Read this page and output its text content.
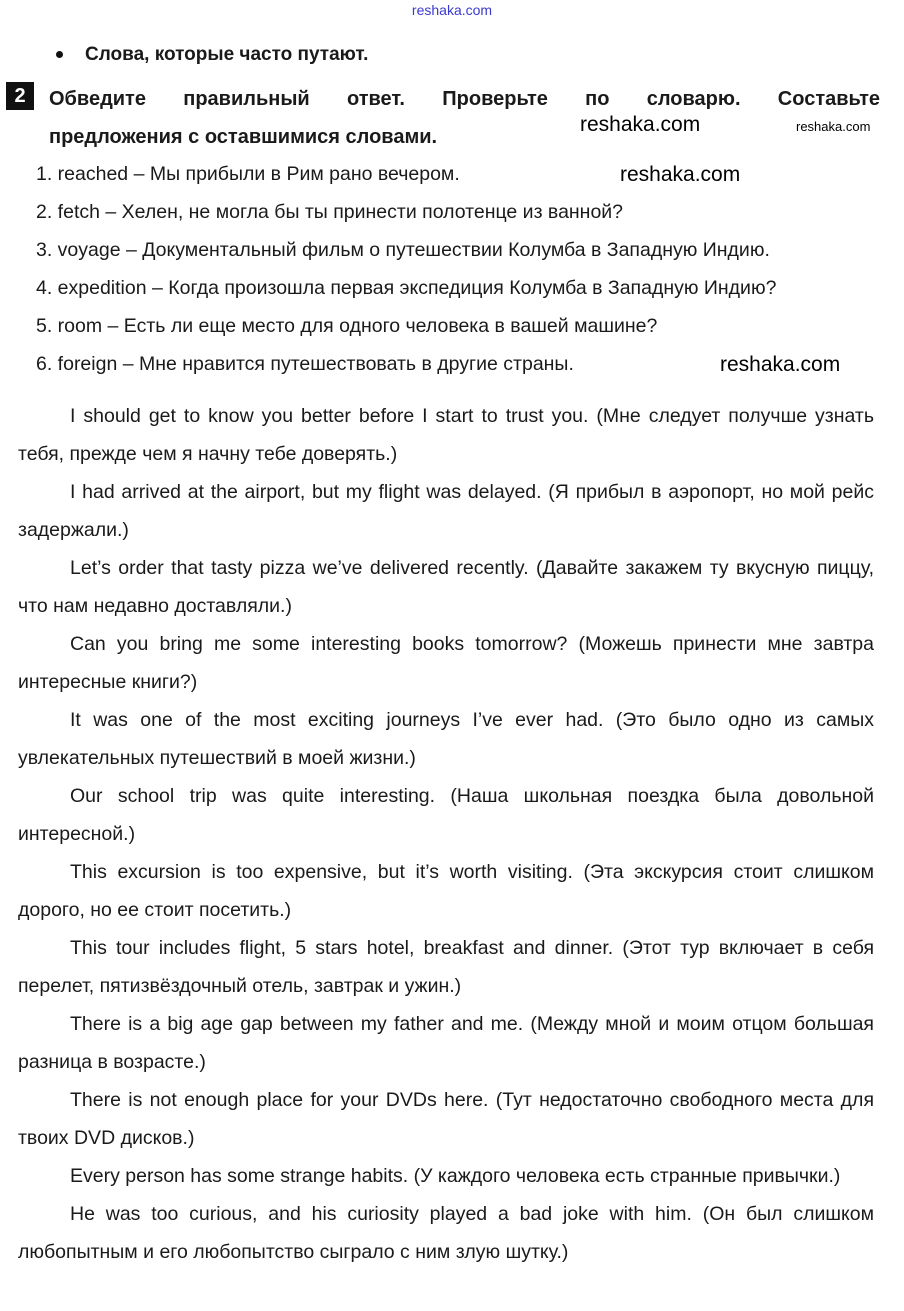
reshaka.com
Слова, которые часто путают.
2	Обведите правильный ответ. Проверьте по словарю. Составьте
предложения с оставшимися словами.
1. reached – Мы прибыли в Рим рано вечером.
2. fetch – Хелен, не могла бы ты принести полотенце из ванной?
3. voyage – Документальный фильм о путешествии Колумба в Западную Индию.
4. expedition – Когда произошла первая экспедиция Колумба в Западную Индию?
5. room – Есть ли еще место для одного человека в вашей машине?
6. foreign – Мне нравится путешествовать в другие страны.

I should get to know you better before I start to trust you. (Мне следует получше узнать тебя, прежде чем я начну тебе доверять.)

I had arrived at the airport, but my flight was delayed. (Я прибыл в аэропорт, но мой рейс задержали.)

Let’s order that tasty pizza we’ve delivered recently. (Давайте закажем ту вкусную пиццу, что нам недавно доставляли.)

Can you bring me some interesting books tomorrow? (Можешь принести мне завтра интересные книги?)

It was one of the most exciting journeys I’ve ever had. (Это было одно из самых увлекательных путешествий в моей жизни.)

Our school trip was quite interesting. (Наша школьная поездка была довольной интересной.)

This excursion is too expensive, but it’s worth visiting. (Эта экскурсия стоит слишком дорого, но ее стоит посетить.)

This tour includes flight, 5 stars hotel, breakfast and dinner. (Этот тур включает в себя перелет, пятизвёздочный отель, завтрак и ужин.)

There is a big age gap between my father and me. (Между мной и моим отцом большая разница в возрасте.)

There is not enough place for your DVDs here. (Тут недостаточно свободного места для твоих DVD дисков.)

Every person has some strange habits. (У каждого человека есть странные привычки.)

He was too curious, and his curiosity played a bad joke with him. (Он был слишком любопытным и его любопытство сыграло с ним злую шутку.)

reshaka.com	reshaka.com
reshaka.com
reshaka.com
